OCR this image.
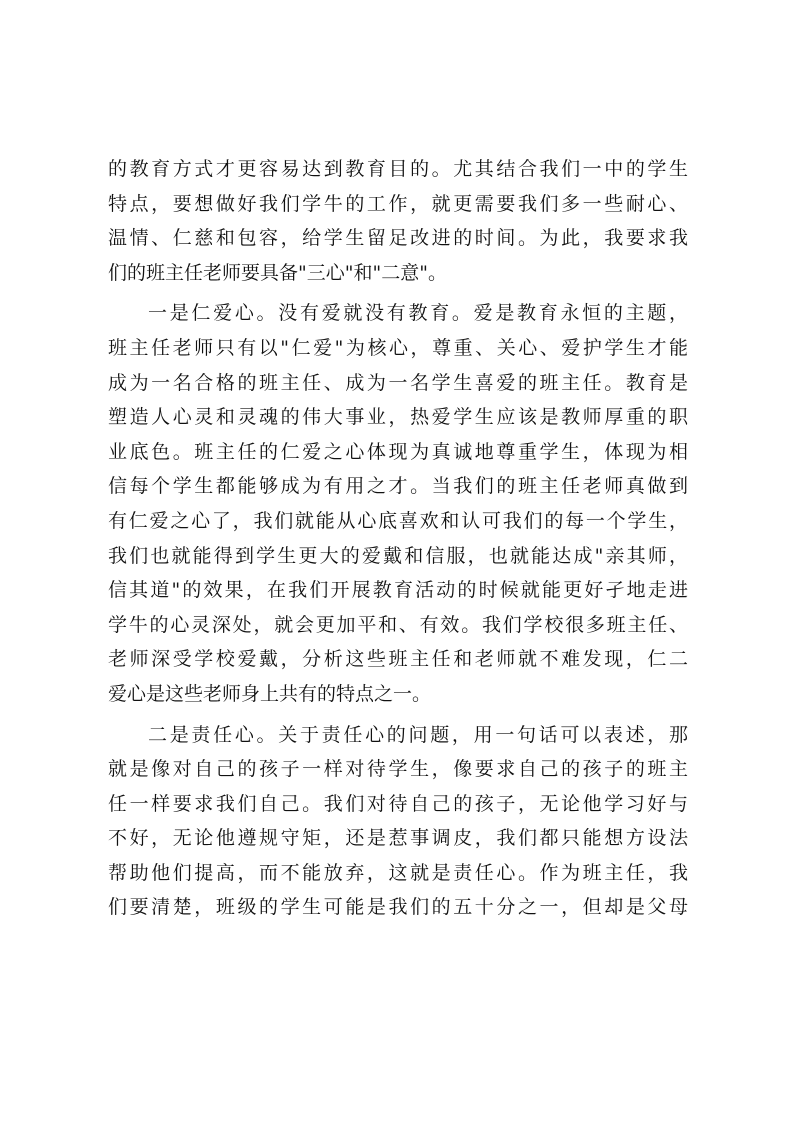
的教育方式才更容易达到教育目的。尤其结合我们一中的学生
特点，要想做好我们学牛的工作，就更需要我们多一些耐心、
温情、仁慈和包容，给学生留足改进的时间。为此，我要求我
们的班主任老师要具备"三心"和"二意"。
一是仁爱心。没有爱就没有教育。爱是教育永恒的主题，
班主任老师只有以"仁爱"为核心，尊重、关心、爱护学生才能
成为一名合格的班主任、成为一名学生喜爱的班主任。教育是
塑造人心灵和灵魂的伟大事业，热爱学生应该是教师厚重的职
业底色。班主任的仁爱之心体现为真诚地尊重学生，体现为相
信每个学生都能够成为有用之才。当我们的班主任老师真做到
有仁爱之心了，我们就能从心底喜欢和认可我们的每一个学生，
我们也就能得到学生更大的爱戴和信服，也就能达成"亲其师，
信其道"的效果，在我们开展教育活动的时候就能更好孑地走进
学牛的心灵深处，就会更加平和、有效。我们学校很多班主任、
老师深受学校爱戴，分析这些班主任和老师就不难发现，仁二
爱心是这些老师身上共有的特点之一。
二是责任心。关于责任心的问题，用一句话可以表述，那
就是像对自己的孩子一样对待学生，像要求自己的孩子的班主
任一样要求我们自己。我们对待自己的孩子，无论他学习好与
不好，无论他遵规守矩，还是惹事调皮，我们都只能想方设法
帮助他们提高，而不能放弃，这就是责任心。作为班主任，我
们要清楚，班级的学生可能是我们的五十分之一，但却是父母
